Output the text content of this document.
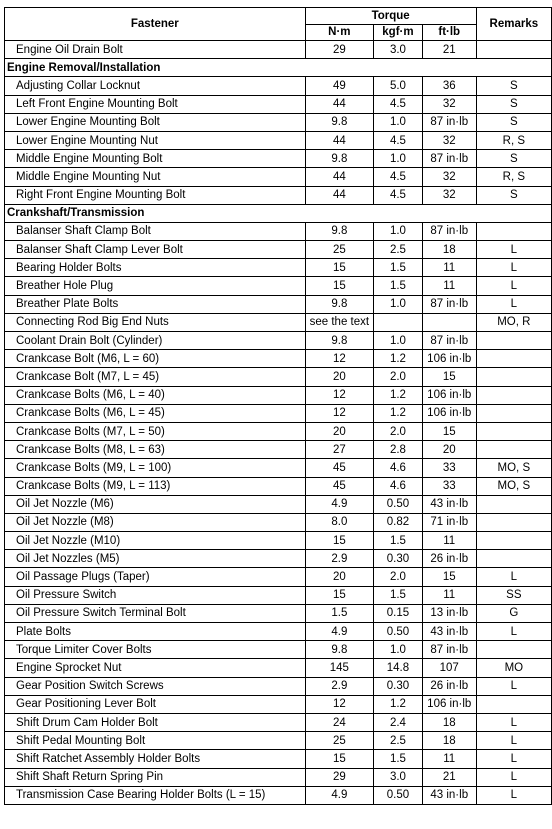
Fastener	Torque			Remarks
	N·m	kgf·m	ft·lb	
Engine Oil Drain Bolt	29	3.0	21	
Engine Removal/Installation				
Adjusting Collar Locknut	49	5.0	36	S
Left Front Engine Mounting Bolt	44	4.5	32	S
Lower Engine Mounting Bolt	9.8	1.0	87 in·lb	S
Lower Engine Mounting Nut	44	4.5	32	R, S
Middle Engine Mounting Bolt	9.8	1.0	87 in·lb	S
Middle Engine Mounting Nut	44	4.5	32	R, S
Right Front Engine Mounting Bolt	44	4.5	32	S
Crankshaft/Transmission				
Balanser Shaft Clamp Bolt	9.8	1.0	87 in·lb	
Balanser Shaft Clamp Lever Bolt	25	2.5	18	L
Bearing Holder Bolts	15	1.5	11	L
Breather Hole Plug	15	1.5	11	L
Breather Plate Bolts	9.8	1.0	87 in·lb	L
Connecting Rod Big End Nuts	see the text			MO, R
Coolant Drain Bolt (Cylinder)	9.8	1.0	87 in·lb	
Crankcase Bolt (M6, L = 60)	12	1.2	106 in·lb	
Crankcase Bolt (M7, L = 45)	20	2.0	15	
Crankcase Bolts (M6, L = 40)	12	1.2	106 in·lb	
Crankcase Bolts (M6, L = 45)	12	1.2	106 in·lb	
Crankcase Bolts (M7, L = 50)	20	2.0	15	
Crankcase Bolts (M8, L = 63)	27	2.8	20	
Crankcase Bolts (M9, L = 100)	45	4.6	33	MO, S
Crankcase Bolts (M9, L = 113)	45	4.6	33	MO, S
Oil Jet Nozzle (M6)	4.9	0.50	43 in·lb	
Oil Jet Nozzle (M8)	8.0	0.82	71 in·lb	
Oil Jet Nozzle (M10)	15	1.5	11	
Oil Jet Nozzles (M5)	2.9	0.30	26 in·lb	
Oil Passage Plugs (Taper)	20	2.0	15	L
Oil Pressure Switch	15	1.5	11	SS
Oil Pressure Switch Terminal Bolt	1.5	0.15	13 in·lb	G
Plate Bolts	4.9	0.50	43 in·lb	L
Torque Limiter Cover Bolts	9.8	1.0	87 in·lb	
Engine Sprocket Nut	145	14.8	107	MO
Gear Position Switch Screws	2.9	0.30	26 in·lb	L
Gear Positioning Lever Bolt	12	1.2	106 in·lb	
Shift Drum Cam Holder Bolt	24	2.4	18	L
Shift Pedal Mounting Bolt	25	2.5	18	L
Shift Ratchet Assembly Holder Bolts	15	1.5	11	L
Shift Shaft Return Spring Pin	29	3.0	21	L
Transmission Case Bearing Holder Bolts (L = 15)	4.9	0.50	43 in·lb	L
